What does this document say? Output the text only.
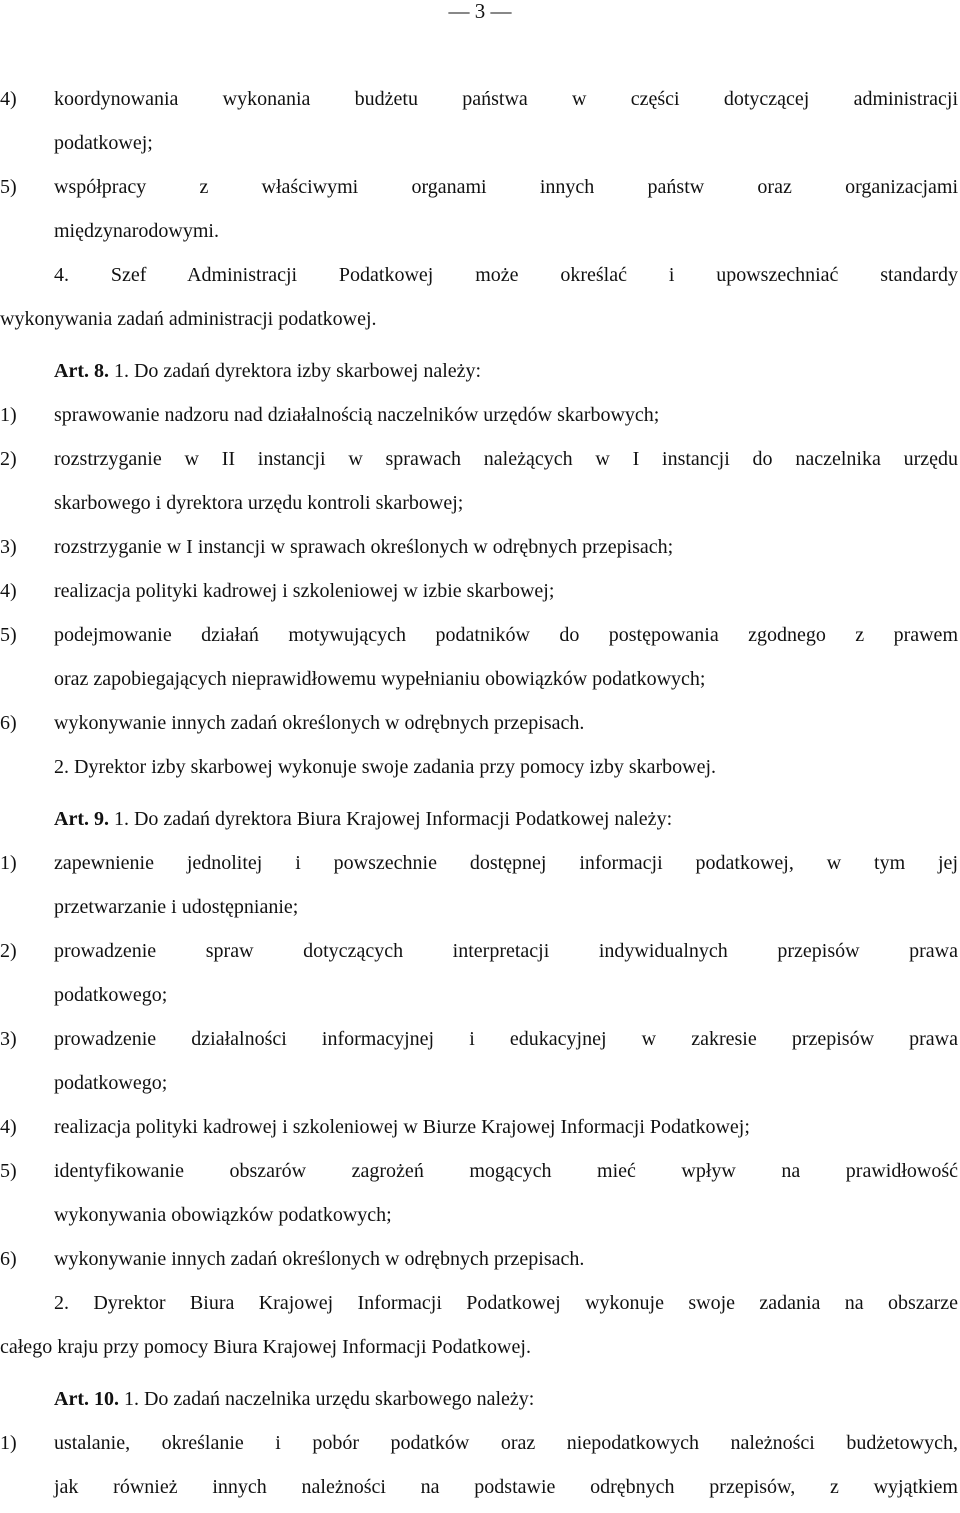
— 3 —
4)	koordynowania wykonania budżetu państwa w części dotyczącej administracji
podatkowej;
5)	współpracy z właściwymi organami innych państw oraz organizacjami
międzynarodowymi.
4. Szef Administracji Podatkowej może określać i upowszechniać standardy
wykonywania zadań administracji podatkowej.
Art. 8. 1. Do zadań dyrektora izby skarbowej należy:
1)	sprawowanie nadzoru nad działalnością naczelników urzędów skarbowych;
2)	rozstrzyganie w II instancji w sprawach należących w I instancji do naczelnika urzędu
skarbowego i dyrektora urzędu kontroli skarbowej;
3)	rozstrzyganie w I instancji w sprawach określonych w odrębnych przepisach;
4)	realizacja polityki kadrowej i szkoleniowej w izbie skarbowej;
5)	podejmowanie działań motywujących podatników do postępowania zgodnego z prawem
oraz zapobiegających nieprawidłowemu wypełnianiu obowiązków podatkowych;
6)	wykonywanie innych zadań określonych w odrębnych przepisach.
2. Dyrektor izby skarbowej wykonuje swoje zadania przy pomocy izby skarbowej.
Art. 9. 1. Do zadań dyrektora Biura Krajowej Informacji Podatkowej należy:
1)	zapewnienie jednolitej i powszechnie dostępnej informacji podatkowej, w tym jej
przetwarzanie i udostępnianie;
2)	prowadzenie spraw dotyczących interpretacji indywidualnych przepisów prawa
podatkowego;
3)	prowadzenie działalności informacyjnej i edukacyjnej w zakresie przepisów prawa
podatkowego;
4)	realizacja polityki kadrowej i szkoleniowej w Biurze Krajowej Informacji Podatkowej;
5)	identyfikowanie obszarów zagrożeń mogących mieć wpływ na prawidłowość
wykonywania obowiązków podatkowych;
6)	wykonywanie innych zadań określonych w odrębnych przepisach.
2. Dyrektor Biura Krajowej Informacji Podatkowej wykonuje swoje zadania na obszarze
całego kraju przy pomocy Biura Krajowej Informacji Podatkowej.
Art. 10. 1. Do zadań naczelnika urzędu skarbowego należy:
1)	ustalanie, określanie i pobór podatków oraz niepodatkowych należności budżetowych,
jak również innych należności na podstawie odrębnych przepisów, z wyjątkiem
